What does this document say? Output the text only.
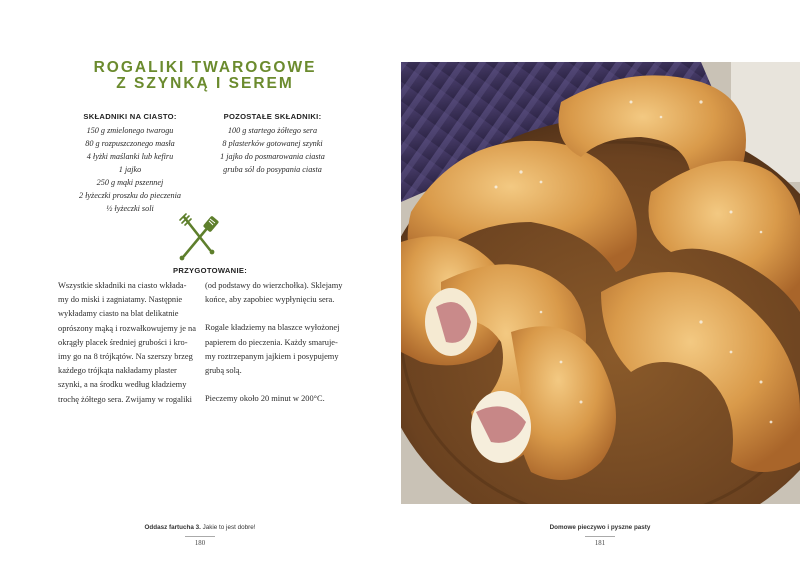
ROGALIKI TWAROGOWE
Z SZYNKĄ I SEREM
SKŁADNIKI NA CIASTO:
150 g zmielonego twarogu
80 g rozpuszczonego masła
4 łyżki maślanki lub kefiru
1 jajko
250 g mąki pszennej
2 łyżeczki proszku do pieczenia
½ łyżeczki soli
POZOSTAŁE SKŁADNIKI:
100 g startego żółtego sera
8 plasterków gotowanej szynki
1 jajko do posmarowania ciasta
gruba sól do posypania ciasta
PRZYGOTOWANIE:
Wszystkie składniki na ciasto wkłada-
my do miski i zagniatamy. Następnie
wykładamy ciasto na blat delikatnie
oprószony mąką i rozwałkowujemy je na
okrągły placek średniej grubości i kro-
imy go na 8 trójkątów. Na szerszy brzeg
każdego trójkąta nakładamy plaster
szynki, a na środku według kładziemy
trochę żółtego sera. Zwijamy w rogaliki

(od podstawy do wierzchołka). Sklejamy
końce, aby zapobiec wypłynięciu sera.

Rogale kładziemy na blaszce wyłożonej
papierem do pieczenia. Każdy smaruje-
my roztrzepanym jajkiem i posypujemy
grubą solą.

Pieczemy około 20 minut w 200°C.

Oddasz fartucha 3. Jakie to jest dobre!
180
Domowe pieczywo i pyszne pasty
181
